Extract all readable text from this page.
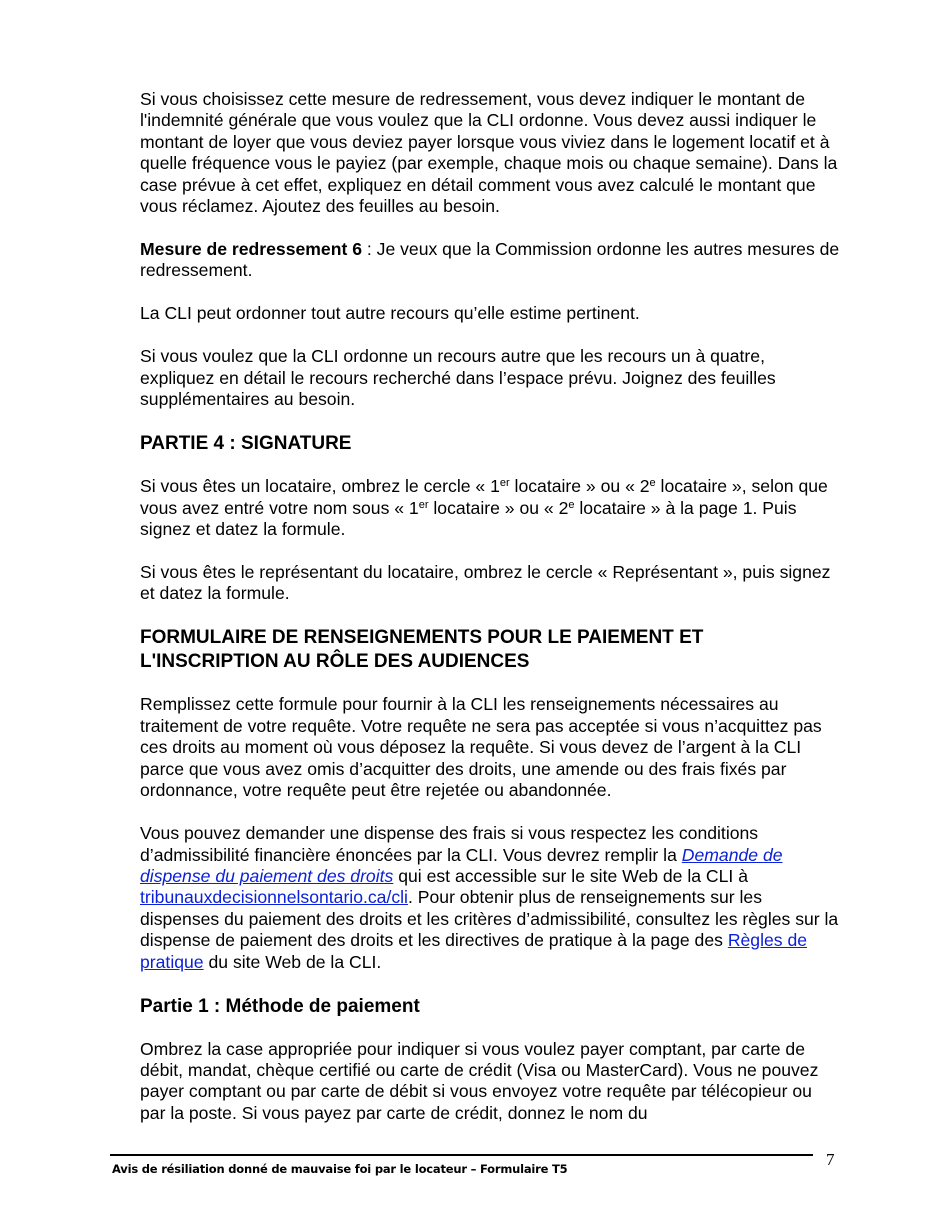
Si vous choisissez cette mesure de redressement, vous devez indiquer le montant de l'indemnité générale que vous voulez que la CLI ordonne. Vous devez aussi indiquer le montant de loyer que vous deviez payer lorsque vous viviez dans le logement locatif et à quelle fréquence vous le payiez (par exemple, chaque mois ou chaque semaine). Dans la case prévue à cet effet, expliquez en détail comment vous avez calculé le montant que vous réclamez. Ajoutez des feuilles au besoin.

Mesure de redressement 6 : Je veux que la Commission ordonne les autres mesures de redressement.

La CLI peut ordonner tout autre recours qu’elle estime pertinent.

Si vous voulez que la CLI ordonne un recours autre que les recours un à quatre, expliquez en détail le recours recherché dans l’espace prévu. Joignez des feuilles supplémentaires au besoin.

PARTIE 4 : SIGNATURE

Si vous êtes un locataire, ombrez le cercle « 1er locataire » ou « 2e locataire », selon que vous avez entré votre nom sous « 1er locataire » ou « 2e locataire » à la page 1. Puis signez et datez la formule.

Si vous êtes le représentant du locataire, ombrez le cercle « Représentant », puis signez et datez la formule.

FORMULAIRE DE RENSEIGNEMENTS POUR LE PAIEMENT ET L'INSCRIPTION AU RÔLE DES AUDIENCES

Remplissez cette formule pour fournir à la CLI les renseignements nécessaires au traitement de votre requête. Votre requête ne sera pas acceptée si vous n’acquittez pas ces droits au moment où vous déposez la requête. Si vous devez de l’argent à la CLI parce que vous avez omis d’acquitter des droits, une amende ou des frais fixés par ordonnance, votre requête peut être rejetée ou abandonnée.

Vous pouvez demander une dispense des frais si vous respectez les conditions d’admissibilité financière énoncées par la CLI. Vous devrez remplir la Demande de dispense du paiement des droits qui est accessible sur le site Web de la CLI à tribunauxdecisionnelsontario.ca/cli. Pour obtenir plus de renseignements sur les dispenses du paiement des droits et les critères d’admissibilité, consultez les règles sur la dispense de paiement des droits et les directives de pratique à la page des Règles de pratique du site Web de la CLI.

Partie 1 : Méthode de paiement

Ombrez la case appropriée pour indiquer si vous voulez payer comptant, par carte de débit, mandat, chèque certifié ou carte de crédit (Visa ou MasterCard). Vous ne pouvez payer comptant ou par carte de débit si vous envoyez votre requête par télécopieur ou par la poste. Si vous payez par carte de crédit, donnez le nom du

Avis de résiliation donné de mauvaise foi par le locateur – Formulaire T5	7
